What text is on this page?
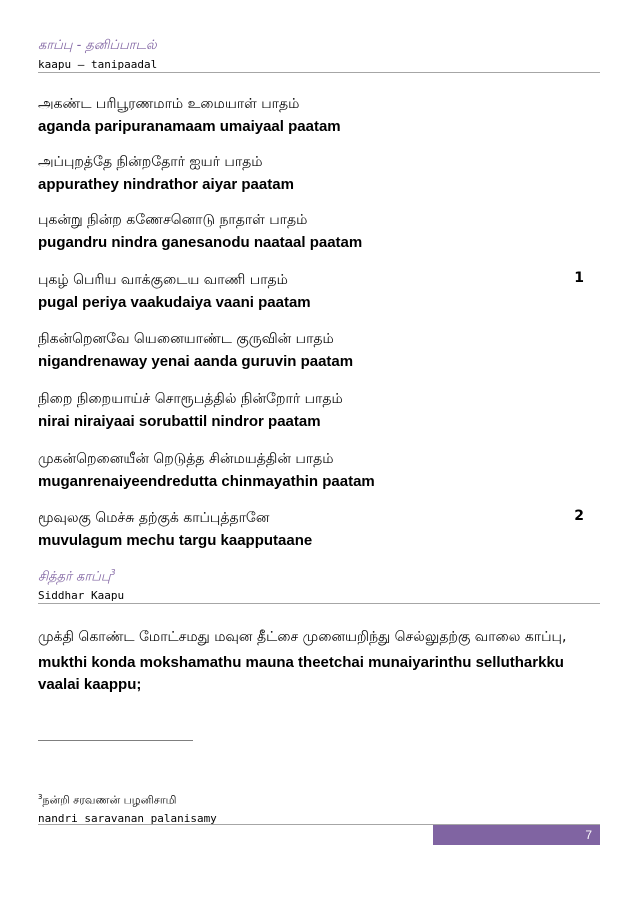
காப்பு - தனிப்பாடல்
kaapu – tanipaadal
அகண்ட பரிபூரணமாம் உமையாள் பாதம்
aganda paripuranamaam umaiyaal paatam
அப்புறத்தே நின்றதோர் ஐயர் பாதம்
appurathey nindrathor aiyar paatam
புகன்று நின்ற கணேசனொடு நாதாள் பாதம்
pugandru nindra ganesanodu naataal paatam
புகழ் பெரிய வாக்குடைய வாணி பாதம்
pugal periya vaakudaiya vaani paatam
1
நிகன்றெனவே யெனையாண்ட குருவின் பாதம்
nigandrenaway yenai aanda guruvin paatam
நிறை நிறையாய்ச் சொரூபத்தில் நின்றோர் பாதம்
nirai niraiyaai sorubattil nindror paatam
முகன்றெனையீன் றெடுத்த சின்மயத்தின் பாதம்
muganrenaiyeendredutta chinmayathin paatam
மூவுலகு மெச்சு தற்குக் காப்புத்தானே
muvulagum mechu targu kaapputaane
2
சித்தர் காப்பு$^3$
Siddhar Kaapu
முக்தி கொண்ட மோட்சமது மவுன தீட்சை முனையறிந்து செல்லுதற்கு வாலை காப்பு,
mukthi konda mokshamathu mauna theetchai munaiyarinthu sellutharkku vaalai kaappu;
$^3$நன்றி சரவணன் பழனிசாமி
nandri saravanan palanisamy
7
